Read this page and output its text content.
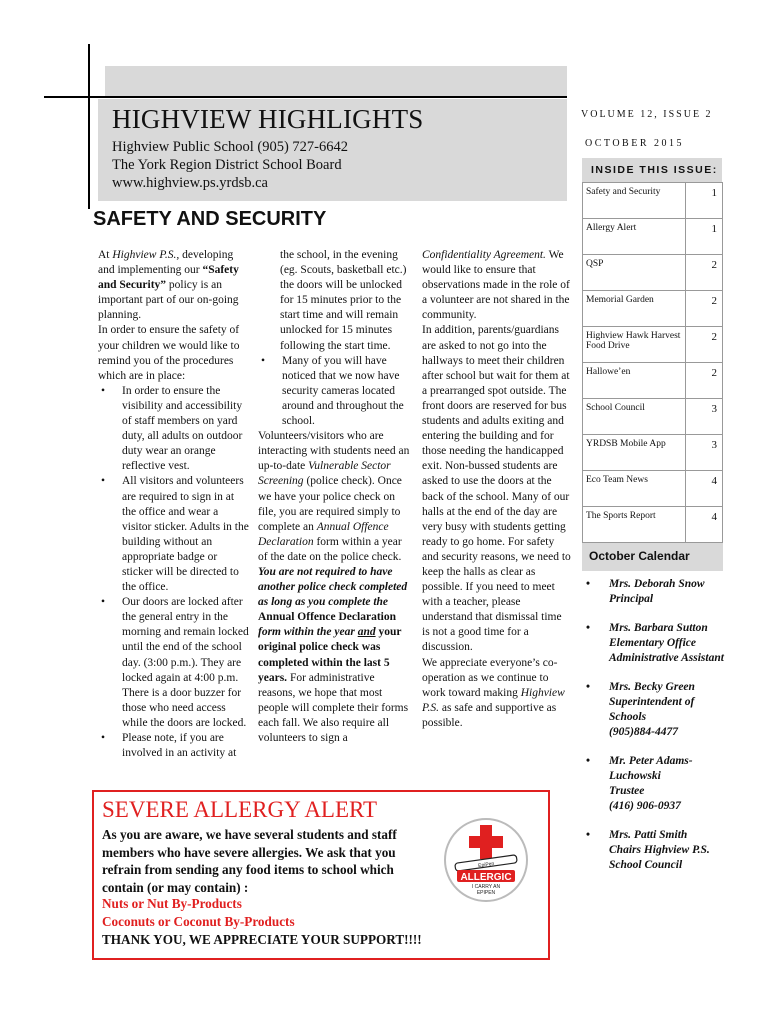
HIGHVIEW HIGHLIGHTS
Highview Public School (905) 727-6642
The York Region District School Board
www.highview.ps.yrdsb.ca
VOLUME 12, ISSUE 2
OCTOBER 2015
INSIDE THIS ISSUE:
Safety and Security	1
Allergy Alert	1
QSP	2
Memorial Garden	2
Highview Hawk Harvest Food Drive	2
Hallowe’en	2
School Council	3
YRDSB Mobile App	3
Eco Team News	4
The Sports Report	4
October Calendar
• Mrs. Deborah Snow
Principal
• Mrs. Barbara Sutton
Elementary Office Administrative Assistant
• Mrs. Becky Green
Superintendent of Schools
(905)884-4477
• Mr. Peter Adams-Luchowski
Trustee
(416) 906-0937
• Mrs. Patti Smith
Chairs Highview P.S. School Council
SAFETY AND SECURITY

At Highview P.S., developing and implementing our “Safety and Security” policy is an important part of our on-going planning.

In order to ensure the safety of your children we would like to remind you of the procedures which are in place:

• In order to ensure the visibility and accessibility of staff members on yard duty, all adults on outdoor duty wear an orange reflective vest.

• All visitors and volunteers are required to sign in at the office and wear a visitor sticker. Adults in the building without an appropriate badge or sticker will be directed to the office.

• Our doors are locked after the general entry in the morning and remain locked until the end of the school day. (3:00 p.m.). They are locked again at 4:00 p.m. There is a door buzzer for those who need access while the doors are locked.

• Please note, if you are involved in an activity at

the school, in the evening (eg. Scouts, basketball etc.) the doors will be unlocked for 15 minutes prior to the start time and will remain unlocked for 15 minutes following the start time.

• Many of you will have noticed that we now have security cameras located around and throughout the school.

Volunteers/visitors who are interacting with students need an up-to-date Vulnerable Sector Screening (police check). Once we have your police check on file, you are required simply to complete an Annual Offence Declaration form within a year of the date on the police check. You are not required to have another police check completed as long as you complete the Annual Offence Declaration form within the year and your original police check was completed within the last 5 years. For administrative reasons, we hope that most people will complete their forms each fall. We also require all volunteers to sign a

Confidentiality Agreement. We would like to ensure that observations made in the role of a volunteer are not shared in the community.

In addition, parents/guardians are asked to not go into the hallways to meet their children after school but wait for them at a prearranged spot outside. The front doors are reserved for bus students and adults exiting and entering the building and for those needing the handicapped exit. Non-bussed students are asked to use the doors at the back of the school. Many of our halls at the end of the day are very busy with students getting ready to go home. For safety and security reasons, we need to keep the halls as clear as possible. If you need to meet with a teacher, please understand that dismissal time is not a good time for a discussion.

We appreciate everyone’s co-operation as we continue to work toward making Highview P.S. as safe and supportive as possible.

SEVERE ALLERGY ALERT
As you are aware, we have several students and staff members who have severe allergies. We ask that you refrain from sending any food items to school which contain (or may contain) :
Nuts or Nut By-Products
Coconuts or Coconut By-Products
THANK YOU, WE APPRECIATE YOUR SUPPORT!!!!
EpiPen
ALLERGIC
I CARRY AN
EPIPEN
